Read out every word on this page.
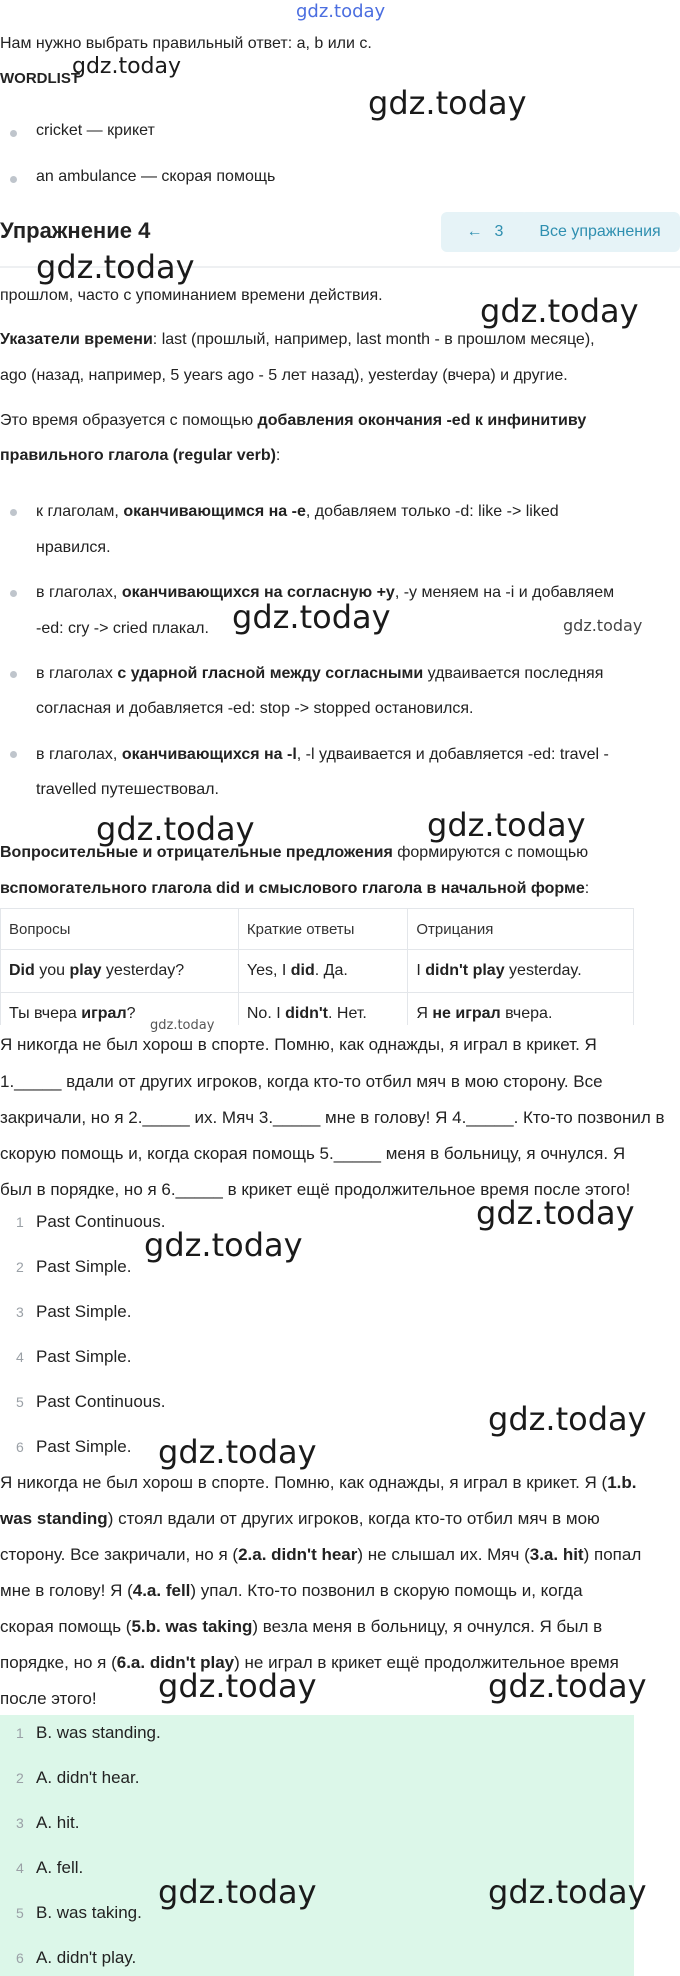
gdz.today
Нам нужно выбрать правильный ответ: a, b или c.
WORDLIST
cricket — крикет
an ambulance — скорая помощь
Упражнение 4	← 3	Все упражнения
прошлом, часто с упоминанием времени действия.
Указатели времени: last (прошлый, например, last month - в прошлом месяце),
ago (назад, например, 5 years ago - 5 лет назад), yesterday (вчера) и другие.
Это время образуется с помощью добавления окончания -ed к инфинитиву
правильного глагола (regular verb):
к глаголам, оканчивающимся на -e, добавляем только -d: like -> liked
нравился.
в глаголах, оканчивающихся на согласную +y, -y меняем на -i и добавляем
-ed: cry -> cried плакал.
в глаголах с ударной гласной между согласными удваивается последняя
согласная и добавляется -ed: stop -> stopped остановился.
в глаголах, оканчивающихся на -l, -l удваивается и добавляется -ed: travel -
travelled путешествовал.
Вопросительные и отрицательные предложения формируются с помощью
вспомогательного глагола did и смыслового глагола в начальной форме:
Вопросы	Краткие ответы	Отрицания
Did you play yesterday?	Yes, I did. Да.	I didn't play yesterday.
Ты вчера играл?	No. I didn't. Нет.	Я не играл вчера.
Я никогда не был хорош в спорте. Помню, как однажды, я играл в крикет. Я
1._____ вдали от других игроков, когда кто-то отбил мяч в мою сторону. Все
закричали, но я 2._____ их. Мяч 3._____ мне в голову! Я 4._____. Кто-то позвонил в
скорую помощь и, когда скорая помощь 5._____ меня в больницу, я очнулся. Я
был в порядке, но я 6._____ в крикет ещё продолжительное время после этого!
1 Past Continuous.
2 Past Simple.
3 Past Simple.
4 Past Simple.
5 Past Continuous.
6 Past Simple.
Я никогда не был хорош в спорте. Помню, как однажды, я играл в крикет. Я (1.b.
was standing) стоял вдали от других игроков, когда кто-то отбил мяч в мою
сторону. Все закричали, но я (2.a. didn't hear) не слышал их. Мяч (3.a. hit) попал
мне в голову! Я (4.a. fell) упал. Кто-то позвонил в скорую помощь и, когда
скорая помощь (5.b. was taking) везла меня в больницу, я очнулся. Я был в
порядке, но я (6.a. didn't play) не играл в крикет ещё продолжительное время
после этого!
1 B. was standing.
2 A. didn't hear.
3 A. hit.
4 A. fell.
5 B. was taking.
6 A. didn't play.
gdz.today
gdz.today
gdz.today
gdz.today
gdz.today	gdz.today
gdz.today	gdz.today
gdz.today
gdz.today
gdz.today
gdz.today
gdz.today
gdz.today	gdz.today
gdz.today	gdz.today
